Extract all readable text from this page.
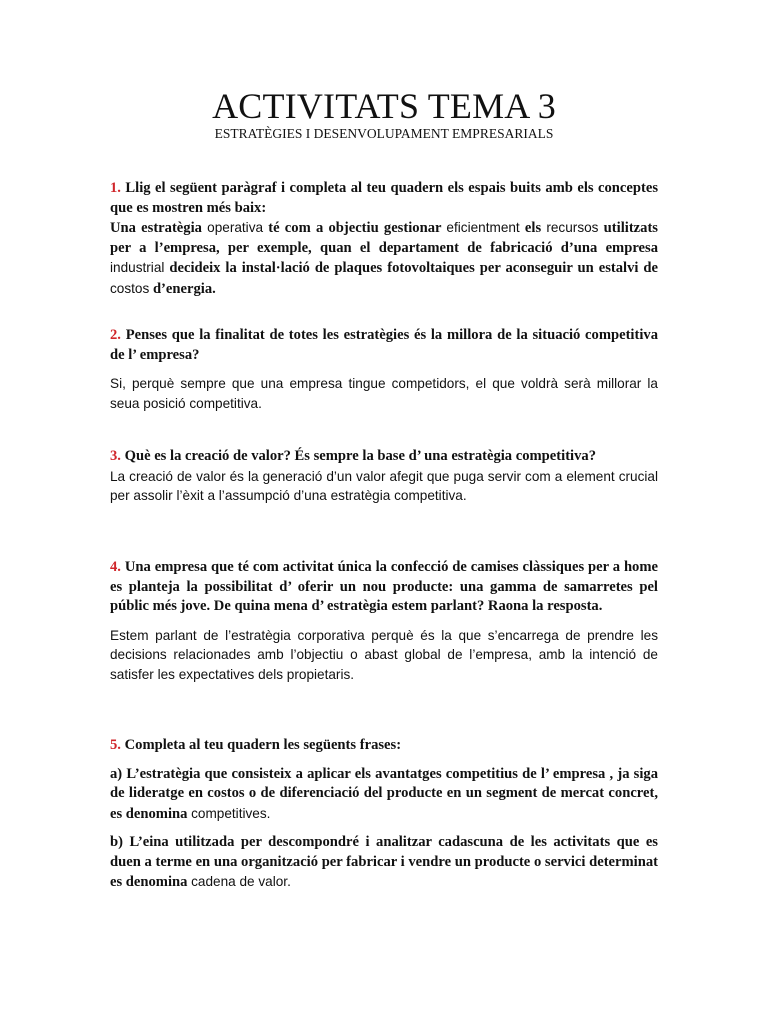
ACTIVITATS TEMA 3

ESTRATÈGIES I DESENVOLUPAMENT EMPRESARIALS

1. Llig el següent paràgraf i completa al teu quadern els espais buits amb els conceptes que es mostren més baix:

Una estratègia operativa té com a objectiu gestionar eficientment els recursos utilitzats per a l’empresa, per exemple, quan el departament de fabricació d’una empresa industrial decideix la instal·lació de plaques fotovoltaiques per aconseguir un estalvi de costos d’energia.

2. Penses que la finalitat de totes les estratègies és la millora de la situació competitiva de l’ empresa?

Si, perquè sempre que una empresa tingue competidors, el que voldrà serà millorar la seua posició competitiva.

3. Què es la creació de valor? És sempre la base d’ una estratègia competitiva?

La creació de valor és la generació d’un valor afegit que puga servir com a element crucial per assolir l’èxit a l’assumpció d’una estratègia competitiva.

4. Una empresa que té com activitat única la confecció de camises clàssiques per a home es planteja la possibilitat d’ oferir un nou producte: una gamma de samarretes pel públic més jove. De quina mena d’ estratègia estem parlant? Raona la resposta.

Estem parlant de l’estratègia corporativa perquè és la que s’encarrega de prendre les decisions relacionades amb l’objectiu o abast global de l’empresa, amb la intenció de satisfer les expectatives dels propietaris.

5. Completa al teu quadern les següents frases:

a) L’estratègia que consisteix a aplicar els avantatges competitius de l’ empresa , ja siga de lideratge en costos o de diferenciació del producte en un segment de mercat concret, es denomina competitives.

b) L’eina utilitzada per descompondré i analitzar cadascuna de les activitats que es duen a terme en una organització per fabricar i vendre un producte o servici determinat es denomina cadena de valor.
